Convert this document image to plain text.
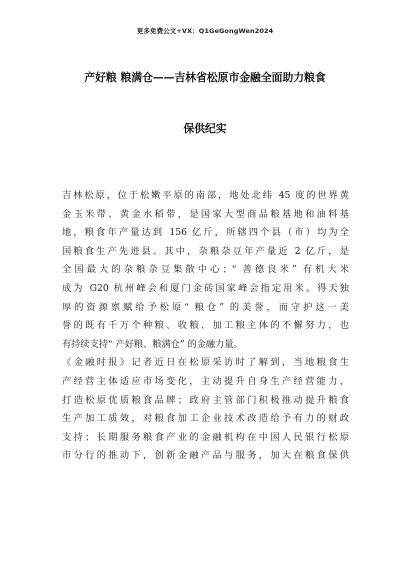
更多免费公文+VX：Q1GeGongWen2024
产好粮 粮满仓——吉林省松原市金融全面助力粮食
保供纪实
吉林松原，位于松嫩平原的南部，地处北纬 45 度的世界黄
金玉米带、黄金水稻带，是国家大型商品粮基地和油料基
地，粮食年产量达到 156 亿斤，所辖四个县（市）均为全
国粮食生产先进县。其中，杂粮杂豆年产量近 2 亿斤，是
全国最大的杂粮杂豆集散中心；“ 善德良米” 有机大米
成为 G20 杭州峰会和厦门金砖国家峰会指定用米。得天独
厚的资源禀赋给予松原“ 粮仓” 的美誉，而守护这一美
誉的既有千万个种粮、收粮、加工粮主体的不懈努力，也
有持续支持“ 产好粮、粮满仓” 的金融力量。
《金融时报》记者近日在松原采访时了解到，当地粮食生
产经营主体适应市场变化，主动提升自身生产经营能力，
打造松原优质粮食品牌；政府主管部门积极推动提升粮食
生产加工质效，对粮食加工企业技术改造给予有力的财政
支持；长期服务粮食产业的金融机构在中国人民银行松原
市分行的推动下，创新金融产品与服务，加大在粮食保供
